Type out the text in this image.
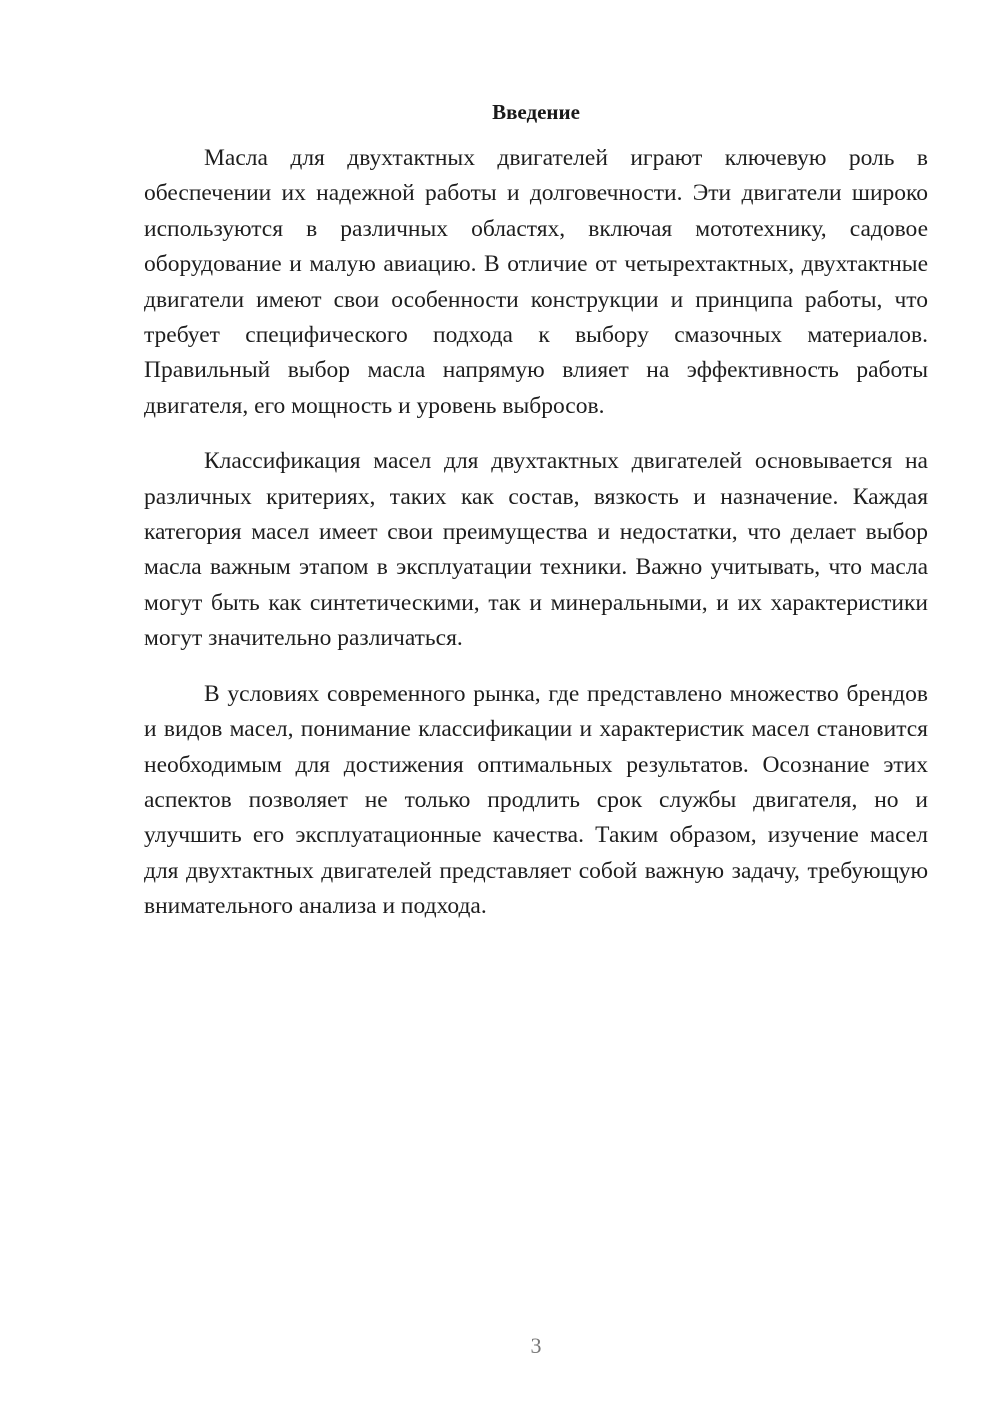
Введение

Масла для двухтактных двигателей играют ключевую роль в обеспечении их надежной работы и долговечности. Эти двигатели широко используются в различных областях, включая мототехнику, садовое оборудование и малую авиацию. В отличие от четырехтактных, двухтактные двигатели имеют свои особенности конструкции и принципа работы, что требует специфического подхода к выбору смазочных материалов. Правильный выбор масла напрямую влияет на эффективность работы двигателя, его мощность и уровень выбросов.

Классификация масел для двухтактных двигателей основывается на различных критериях, таких как состав, вязкость и назначение. Каждая категория масел имеет свои преимущества и недостатки, что делает выбор масла важным этапом в эксплуатации техники. Важно учитывать, что масла могут быть как синтетическими, так и минеральными, и их характеристики могут значительно различаться.

В условиях современного рынка, где представлено множество брендов и видов масел, понимание классификации и характеристик масел становится необходимым для достижения оптимальных результатов. Осознание этих аспектов позволяет не только продлить срок службы двигателя, но и улучшить его эксплуатационные качества. Таким образом, изучение масел для двухтактных двигателей представляет собой важную задачу, требующую внимательного анализа и подхода.

3
